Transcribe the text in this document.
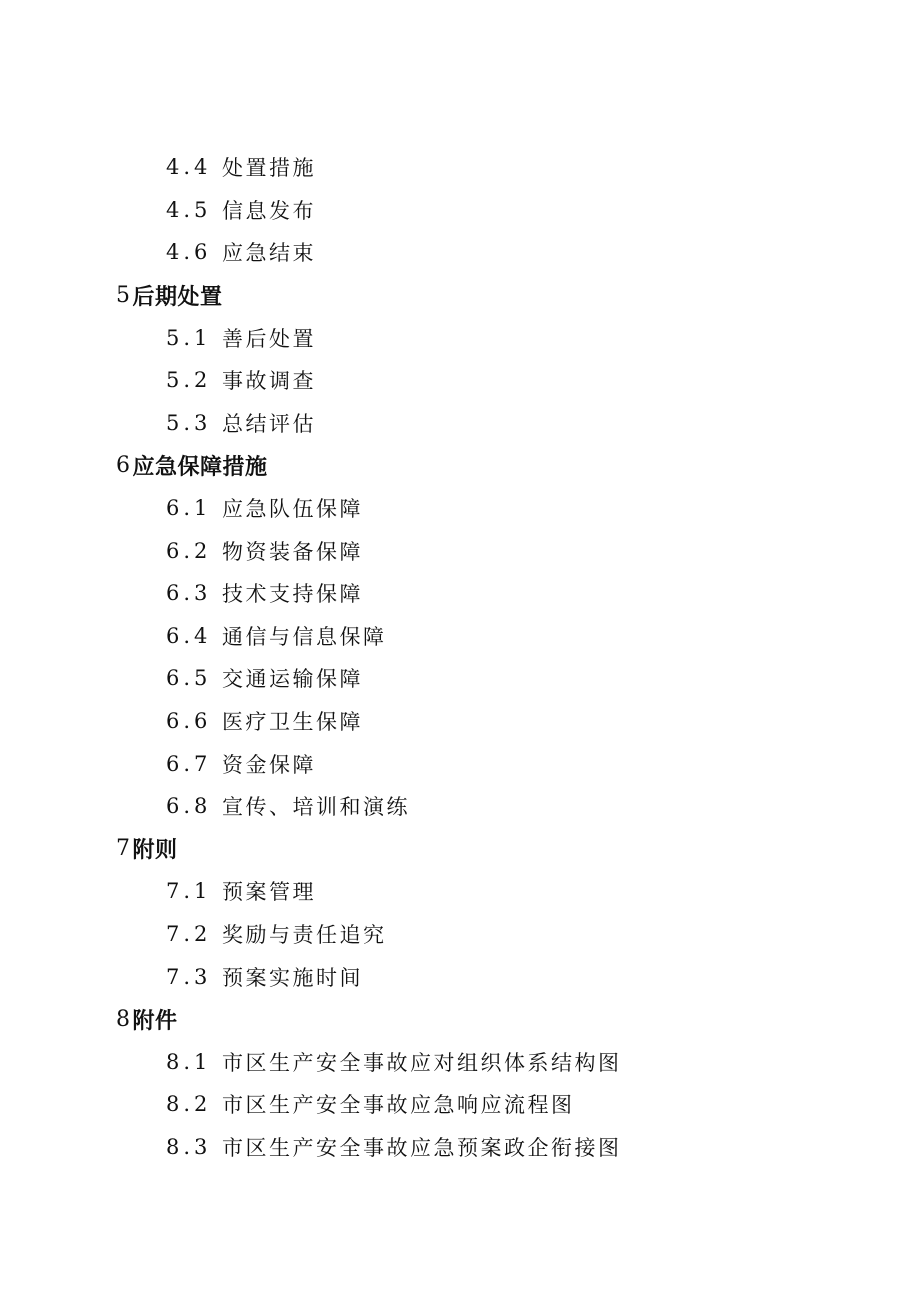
4.4 处置措施
4.5 信息发布
4.6 应急结束
5 后期处置
5.1 善后处置
5.2 事故调查
5.3 总结评估
6 应急保障措施
6.1 应急队伍保障
6.2 物资装备保障
6.3 技术支持保障
6.4 通信与信息保障
6.5 交通运输保障
6.6 医疗卫生保障
6.7 资金保障
6.8 宣传、培训和演练
7 附则
7.1 预案管理
7.2 奖励与责任追究
7.3 预案实施时间
8 附件
8.1 市区生产安全事故应对组织体系结构图
8.2 市区生产安全事故应急响应流程图
8.3 市区生产安全事故应急预案政企衔接图
